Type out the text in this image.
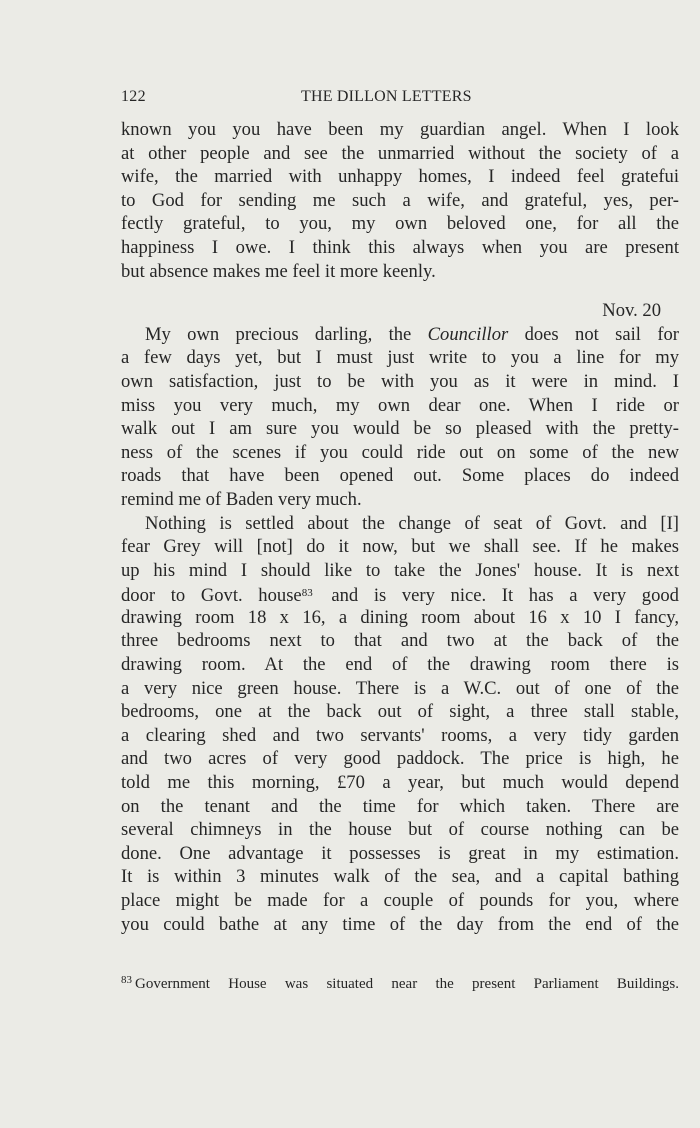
122	THE DILLON LETTERS
known you you have been my guardian angel. When I look
at other people and see the unmarried without the society of a
wife, the married with unhappy homes, I indeed feel gratefui
to God for sending me such a wife, and grateful, yes, per-
fectly grateful, to you, my own beloved one, for all the
happiness I owe. I think this always when you are present
but absence makes me feel it more keenly.
Nov. 20
My own precious darling, the Councillor does not sail for
a few days yet, but I must just write to you a line for my
own satisfaction, just to be with you as it were in mind. I
miss you very much, my own dear one. When I ride or
walk out I am sure you would be so pleased with the pretty-
ness of the scenes if you could ride out on some of the new
roads that have been opened out. Some places do indeed
remind me of Baden very much.
Nothing is settled about the change of seat of Govt. and [I]
fear Grey will [not] do it now, but we shall see. If he makes
up his mind I should like to take the Jones' house. It is next
door to Govt. house$^{83}$ and is very nice. It has a very good
drawing room 18 x 16, a dining room about 16 x 10 I fancy,
three bedrooms next to that and two at the back of the
drawing room. At the end of the drawing room there is
a very nice green house. There is a W.C. out of one of the
bedrooms, one at the back out of sight, a three stall stable,
a clearing shed and two servants' rooms, a very tidy garden
and two acres of very good paddock. The price is high, he
told me this morning, £70 a year, but much would depend
on the tenant and the time for which taken. There are
several chimneys in the house but of course nothing can be
done. One advantage it possesses is great in my estimation.
It is within 3 minutes walk of the sea, and a capital bathing
place might be made for a couple of pounds for you, where
you could bathe at any time of the day from the end of the
$^{83}$ Government House was situated near the present Parliament Buildings.
